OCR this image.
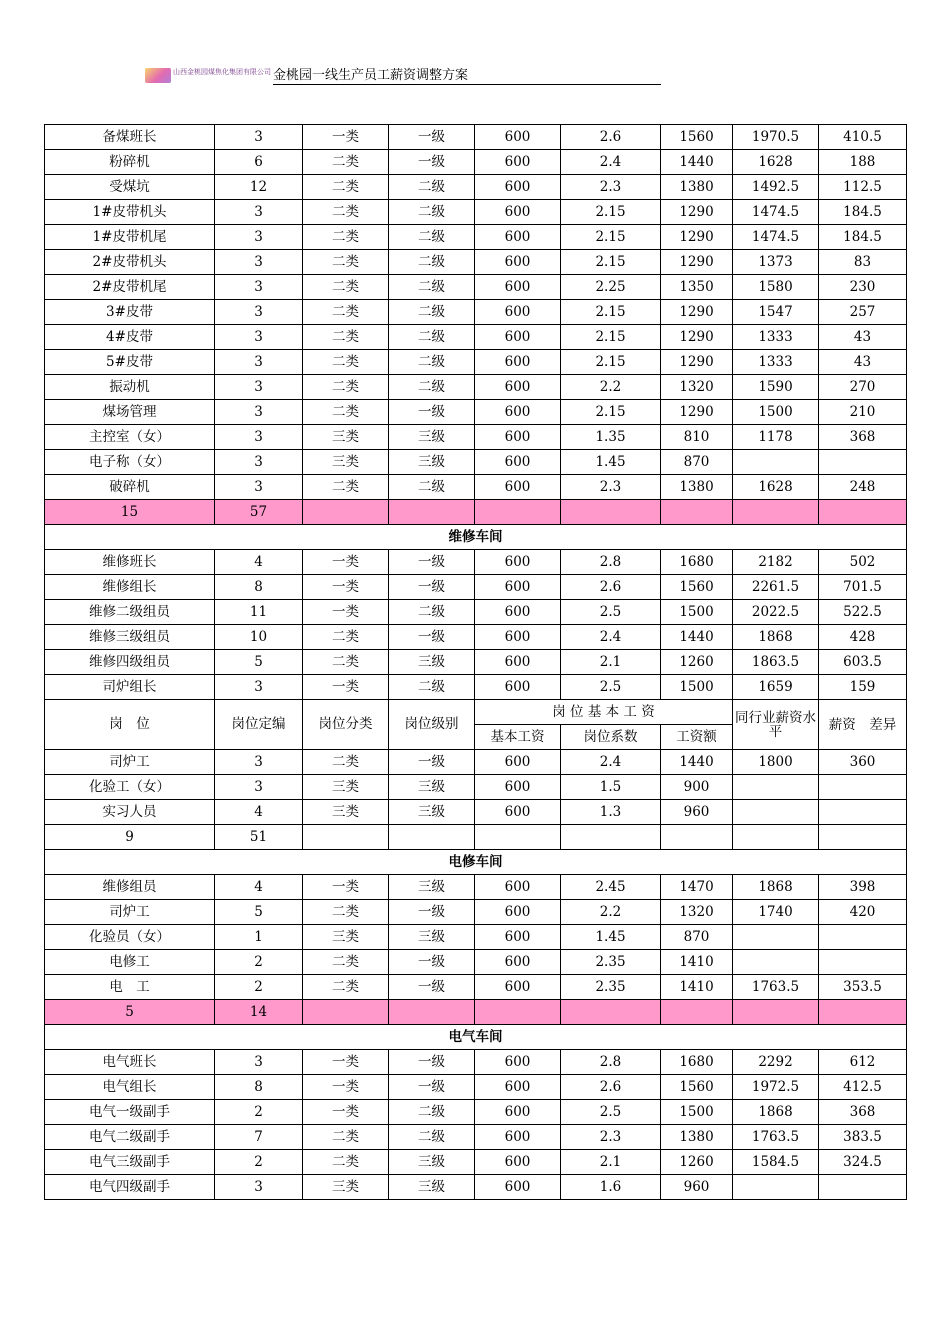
山西金桃园煤焦化集团有限公司 金桃园一线生产员工薪资调整方案
备煤班长	3	一类	一级	600	2.6	1560	1970.5	410.5
粉碎机	6	二类	一级	600	2.4	1440	1628	188
受煤坑	12	二类	二级	600	2.3	1380	1492.5	112.5
1#皮带机头	3	二类	二级	600	2.15	1290	1474.5	184.5
1#皮带机尾	3	二类	二级	600	2.15	1290	1474.5	184.5
2#皮带机头	3	二类	二级	600	2.15	1290	1373	83
2#皮带机尾	3	二类	二级	600	2.25	1350	1580	230
3#皮带	3	二类	二级	600	2.15	1290	1547	257
4#皮带	3	二类	二级	600	2.15	1290	1333	43
5#皮带	3	二类	二级	600	2.15	1290	1333	43
振动机	3	二类	二级	600	2.2	1320	1590	270
煤场管理	3	二类	一级	600	2.15	1290	1500	210
主控室（女）	3	三类	三级	600	1.35	810	1178	368
电子称（女）	3	三类	三级	600	1.45	870		
破碎机	3	二类	二级	600	2.3	1380	1628	248
15	57							
维修车间								
维修班长	4	一类	一级	600	2.8	1680	2182	502
维修组长	8	一类	一级	600	2.6	1560	2261.5	701.5
维修二级组员	11	一类	二级	600	2.5	1500	2022.5	522.5
维修三级组员	10	二类	一级	600	2.4	1440	1868	428
维修四级组员	5	二类	三级	600	2.1	1260	1863.5	603.5
司炉组长	3	一类	二级	600	2.5	1500	1659	159
岗　位	岗位定编	岗位分类	岗位级别	岗 位 基 本 工 资			同行业薪资水平	薪资　差异
				基本工资	岗位系数	工资额		
司炉工	3	二类	一级	600	2.4	1440	1800	360
化验工（女）	3	三类	三级	600	1.5	900		
实习人员	4	三类	三级	600	1.3	960		
9	51							
电修车间								
维修组员	4	一类	三级	600	2.45	1470	1868	398
司炉工	5	二类	一级	600	2.2	1320	1740	420
化验员（女）	1	三类	三级	600	1.45	870		
电修工	2	二类	一级	600	2.35	1410		
电　工	2	二类	一级	600	2.35	1410	1763.5	353.5
5	14							
电气车间								
电气班长	3	一类	一级	600	2.8	1680	2292	612
电气组长	8	一类	一级	600	2.6	1560	1972.5	412.5
电气一级副手	2	一类	二级	600	2.5	1500	1868	368
电气二级副手	7	二类	二级	600	2.3	1380	1763.5	383.5
电气三级副手	2	二类	三级	600	2.1	1260	1584.5	324.5
电气四级副手	3	三类	三级	600	1.6	960		
